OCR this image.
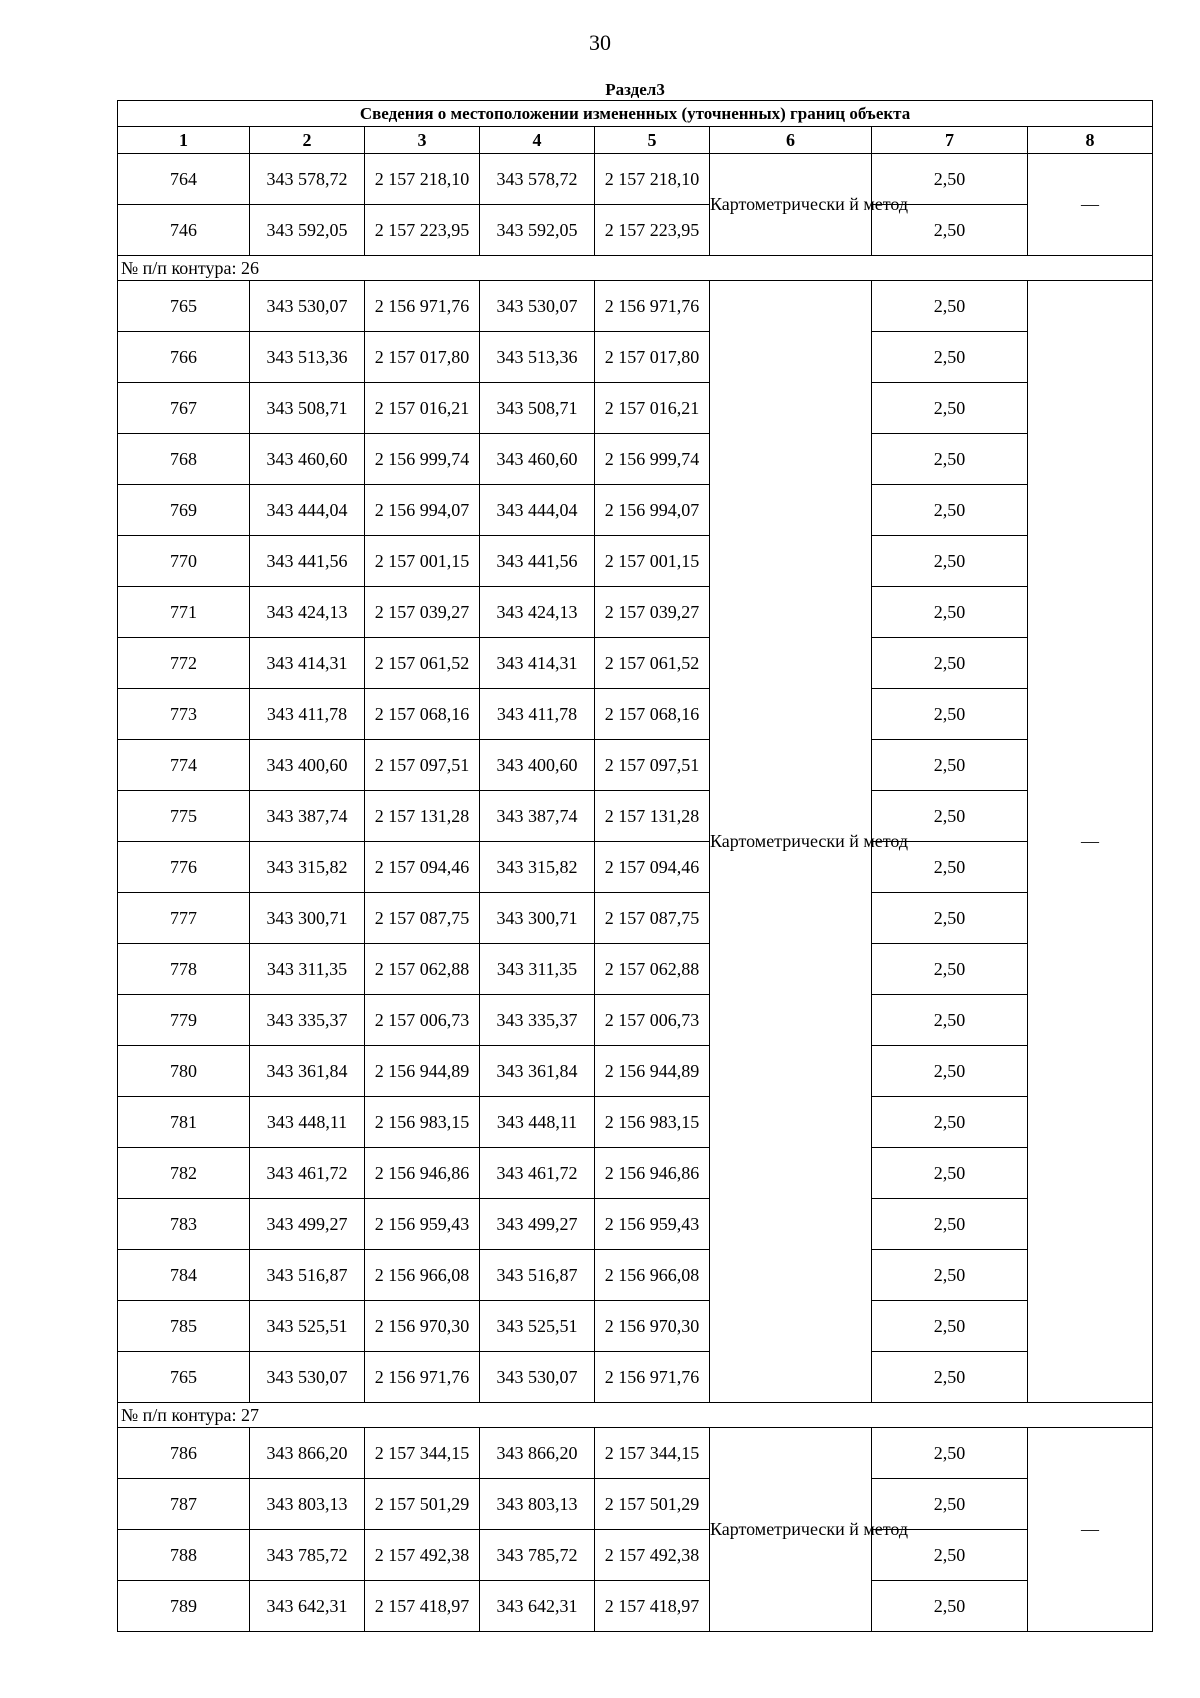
30
Раздел3							
Сведения о местоположении измененных (уточненных) границ объекта							
1	2	3	4	5	6	7	8
764	343 578,72	2 157 218,10	343 578,72	2 157 218,10	Картометрически й метод	2,50	—
746	343 592,05	2 157 223,95	343 592,05	2 157 223,95		2,50	
№ п/п контура: 26							
765	343 530,07	2 156 971,76	343 530,07	2 156 971,76	Картометрически й метод	2,50	—
766	343 513,36	2 157 017,80	343 513,36	2 157 017,80		2,50	
767	343 508,71	2 157 016,21	343 508,71	2 157 016,21		2,50	
768	343 460,60	2 156 999,74	343 460,60	2 156 999,74		2,50	
769	343 444,04	2 156 994,07	343 444,04	2 156 994,07		2,50	
770	343 441,56	2 157 001,15	343 441,56	2 157 001,15		2,50	
771	343 424,13	2 157 039,27	343 424,13	2 157 039,27		2,50	
772	343 414,31	2 157 061,52	343 414,31	2 157 061,52		2,50	
773	343 411,78	2 157 068,16	343 411,78	2 157 068,16		2,50	
774	343 400,60	2 157 097,51	343 400,60	2 157 097,51		2,50	
775	343 387,74	2 157 131,28	343 387,74	2 157 131,28		2,50	
776	343 315,82	2 157 094,46	343 315,82	2 157 094,46		2,50	
777	343 300,71	2 157 087,75	343 300,71	2 157 087,75		2,50	
778	343 311,35	2 157 062,88	343 311,35	2 157 062,88		2,50	
779	343 335,37	2 157 006,73	343 335,37	2 157 006,73		2,50	
780	343 361,84	2 156 944,89	343 361,84	2 156 944,89		2,50	
781	343 448,11	2 156 983,15	343 448,11	2 156 983,15		2,50	
782	343 461,72	2 156 946,86	343 461,72	2 156 946,86		2,50	
783	343 499,27	2 156 959,43	343 499,27	2 156 959,43		2,50	
784	343 516,87	2 156 966,08	343 516,87	2 156 966,08		2,50	
785	343 525,51	2 156 970,30	343 525,51	2 156 970,30		2,50	
765	343 530,07	2 156 971,76	343 530,07	2 156 971,76		2,50	
№ п/п контура: 27							
786	343 866,20	2 157 344,15	343 866,20	2 157 344,15	Картометрически й метод	2,50	—
787	343 803,13	2 157 501,29	343 803,13	2 157 501,29		2,50	
788	343 785,72	2 157 492,38	343 785,72	2 157 492,38		2,50	
789	343 642,31	2 157 418,97	343 642,31	2 157 418,97		2,50	
